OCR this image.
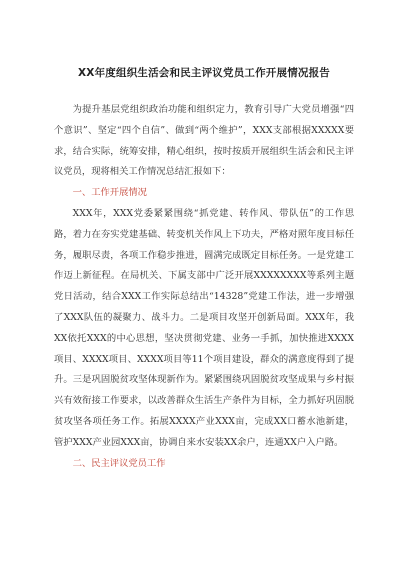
XX年度组织生活会和民主评议党员工作开展情况报告

为提升基层党组织政治功能和组织定力，教育引导广大党员增强“四个意识”、坚定“四个自信”、做到“两个维护”，XXX支部根据XXXXX要求，结合实际，统筹安排，精心组织，按时按质开展组织生活会和民主评议党员，现将相关工作情况总结汇报如下：

一、工作开展情况

XXX年，XXX党委紧紧围绕“抓党建、转作风、带队伍”的工作思路，着力在夯实党建基础、转变机关作风上下功夫，严格对照年度目标任务，履职尽责，各项工作稳步推进，圆满完成既定目标任务。一是党建工作迈上新征程。在局机关、下属支部中广泛开展XXXXXXXX等系列主题党日活动，结合XXX工作实际总结出“14328”党建工作法，进一步增强了XXX队伍的凝聚力、战斗力。二是项目攻坚开创新局面。XXX年，我XX依托XXX的中心思想，坚决贯彻党建、业务一手抓，加快推进XXXX项目、XXXX项目、XXXX项目等11个项目建设，群众的满意度得到了提升。三是巩固脱贫攻坚体现新作为。紧紧围绕巩固脱贫攻坚成果与乡村振兴有效衔接工作要求，以改善群众生活生产条件为目标，全力抓好巩固脱贫攻坚各项任务工作。拓展XXXX产业XXX亩，完成XX口蓄水池新建，管护XXX产业园XXX亩，协调自来水安装XX余户，连通XX户入户路。

二、民主评议党员工作
